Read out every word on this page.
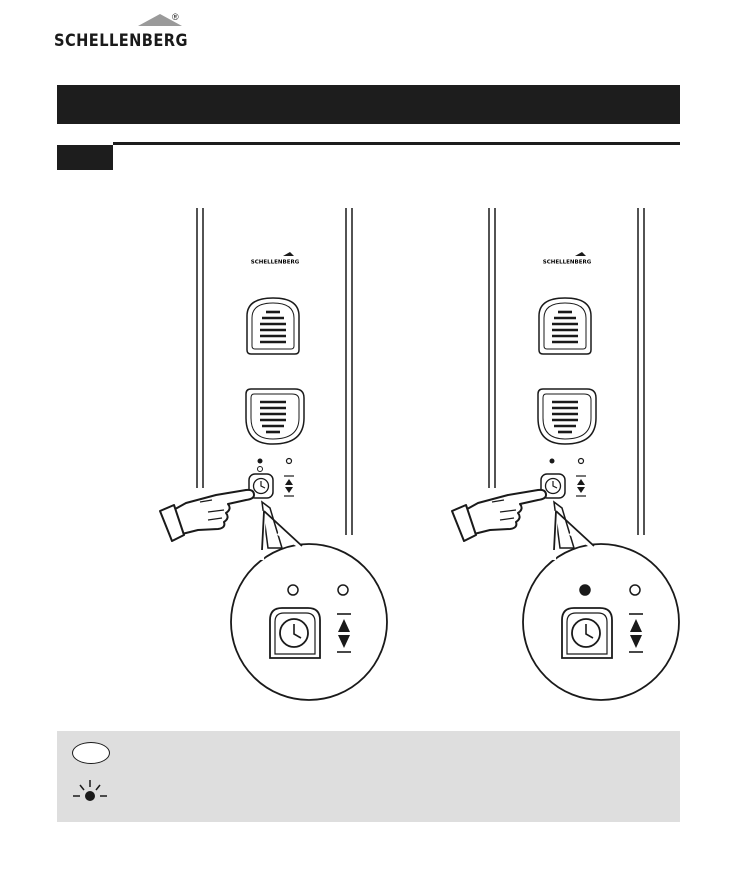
®
SCHELLENBERG
SCHELLENBERG	SCHELLENBERG
